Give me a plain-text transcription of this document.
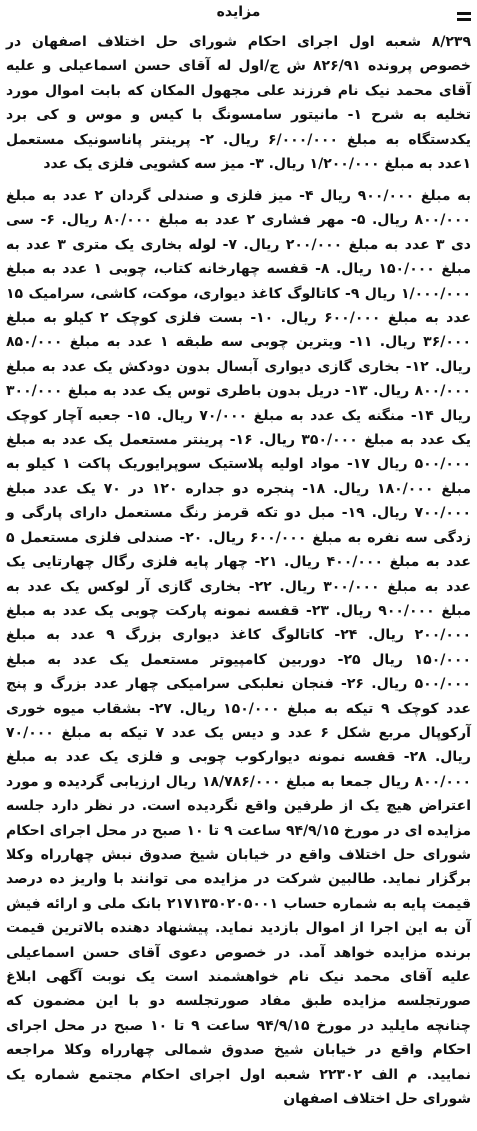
مزایده
۸/۲۳۹ شعبه اول اجرای احکام شورای حل اختلاف اصفهان در خصوص پرونده ۸۲۶/۹۱ ش ج/اول له آقای حسن اسماعیلی و علیه آقای محمد نیک نام فرزند علی مجهول المکان که بابت اموال مورد تخلیه به شرح ۱- مانیتور سامسونگ با کیس و موس و کی برد یکدستگاه به مبلغ ۶/۰۰۰/۰۰۰ ریال. ۲- پرینتر پاناسونیک مستعمل ۱عدد به مبلغ ۱/۲۰۰/۰۰۰ ریال. ۳- میز سه کشویی فلزی یک عدد
به مبلغ ۹۰۰/۰۰۰ ریال ۴- میز فلزی و صندلی گردان ۲ عدد به مبلغ ۸۰۰/۰۰۰ ریال. ۵- مهر فشاری ۲ عدد به مبلغ ۸۰/۰۰۰ ریال. ۶- سی دی ۳ عدد به مبلغ ۲۰۰/۰۰۰ ریال. ۷- لوله بخاری یک متری ۳ عدد به مبلغ ۱۵۰/۰۰۰ ریال. ۸- قفسه چهارخانه کتاب، چوبی ۱ عدد به مبلغ ۱/۰۰۰/۰۰۰ ریال ۹- کاتالوگ کاغذ دیواری، موکت، کاشی، سرامیک ۱۵ عدد به مبلغ ۶۰۰/۰۰۰ ریال. ۱۰- بست فلزی کوچک ۲ کیلو به مبلغ ۳۶/۰۰۰ ریال. ۱۱- ویترین چوبی سه طبقه ۱ عدد به مبلغ ۸۵۰/۰۰۰ ریال. ۱۲- بخاری گازی دیواری آبسال بدون دودکش یک عدد به مبلغ ۸۰۰/۰۰۰ ریال. ۱۳- دریل بدون باطری توس یک عدد به مبلغ ۳۰۰/۰۰۰ ریال ۱۴- منگنه یک عدد به مبلغ ۷۰/۰۰۰ ریال. ۱۵- جعبه آچار کوچک یک عدد به مبلغ ۳۵۰/۰۰۰ ریال. ۱۶- پرینتر مستعمل یک عدد به مبلغ ۵۰۰/۰۰۰ ریال ۱۷- مواد اولیه پلاستیک سوپرایوریک پاکت ۱ کیلو به مبلغ ۱۸۰/۰۰۰ ریال. ۱۸- پنجره دو جداره ۱۲۰ در ۷۰ یک عدد مبلغ ۷۰۰/۰۰۰ ریال. ۱۹- مبل دو تکه قرمز رنگ مستعمل دارای پارگی و زدگی سه نفره به مبلغ ۶۰۰/۰۰۰ ریال. ۲۰- صندلی فلزی مستعمل ۵ عدد به مبلغ ۴۰۰/۰۰۰ ریال. ۲۱- چهار پایه فلزی رگال چهارتایی یک عدد به مبلغ ۳۰۰/۰۰۰ ریال. ۲۲- بخاری گازی آر لوکس یک عدد به مبلغ ۹۰۰/۰۰۰ ریال. ۲۳- قفسه نمونه پارکت چوبی یک عدد به مبلغ ۲۰۰/۰۰۰ ریال. ۲۴- کاتالوگ کاغذ دیواری بزرگ ۹ عدد به مبلغ ۱۵۰/۰۰۰ ریال ۲۵- دوربین کامپیوتر مستعمل یک عدد به مبلغ ۵۰۰/۰۰۰ ریال. ۲۶- فنجان نعلبکی سرامیکی چهار عدد بزرگ و پنج عدد کوچک ۹ تیکه به مبلغ ۱۵۰/۰۰۰ ریال. ۲۷- بشقاب میوه خوری آرکوپال مربع شکل ۶ عدد و دیس یک عدد ۷ تیکه به مبلغ ۷۰/۰۰۰ ریال. ۲۸- قفسه نمونه دیوارکوب چوبی و فلزی یک عدد به مبلغ ۸۰۰/۰۰۰ ریال جمعا به مبلغ ۱۸/۷۸۶/۰۰۰ ریال ارزیابی گردیده و مورد اعتراض هیچ یک از طرفین واقع نگردیده است. در نظر دارد جلسه مزایده ای در مورخ ۹۴/۹/۱۵ ساعت ۹ تا ۱۰ صبح در محل اجرای احکام شورای حل اختلاف واقع در خیابان شیخ صدوق نبش چهارراه وکلا برگزار نماید. طالبین شرکت در مزایده می توانند با واریز ده درصد قیمت پایه به شماره حساب ۲۱۷۱۳۵۰۲۰۵۰۰۱ بانک ملی و ارائه فیش آن به این اجرا از اموال بازدید نماید. پیشنهاد دهنده بالاترین قیمت برنده مزایده خواهد آمد. در خصوص دعوی آقای حسن اسماعیلی علیه آقای محمد نیک نام خواهشمند است یک نوبت آگهی ابلاغ صورتجلسه مزایده طبق مفاد صورتجلسه دو با این مضمون که چنانچه مایلید در مورخ ۹۴/۹/۱۵ ساعت ۹ تا ۱۰ صبح در محل اجرای احکام واقع در خیابان شیخ صدوق شمالی چهارراه وکلا مراجعه نمایید. م الف ۲۲۳۰۲ شعبه اول اجرای احکام مجتمع شماره یک شورای حل اختلاف اصفهان
